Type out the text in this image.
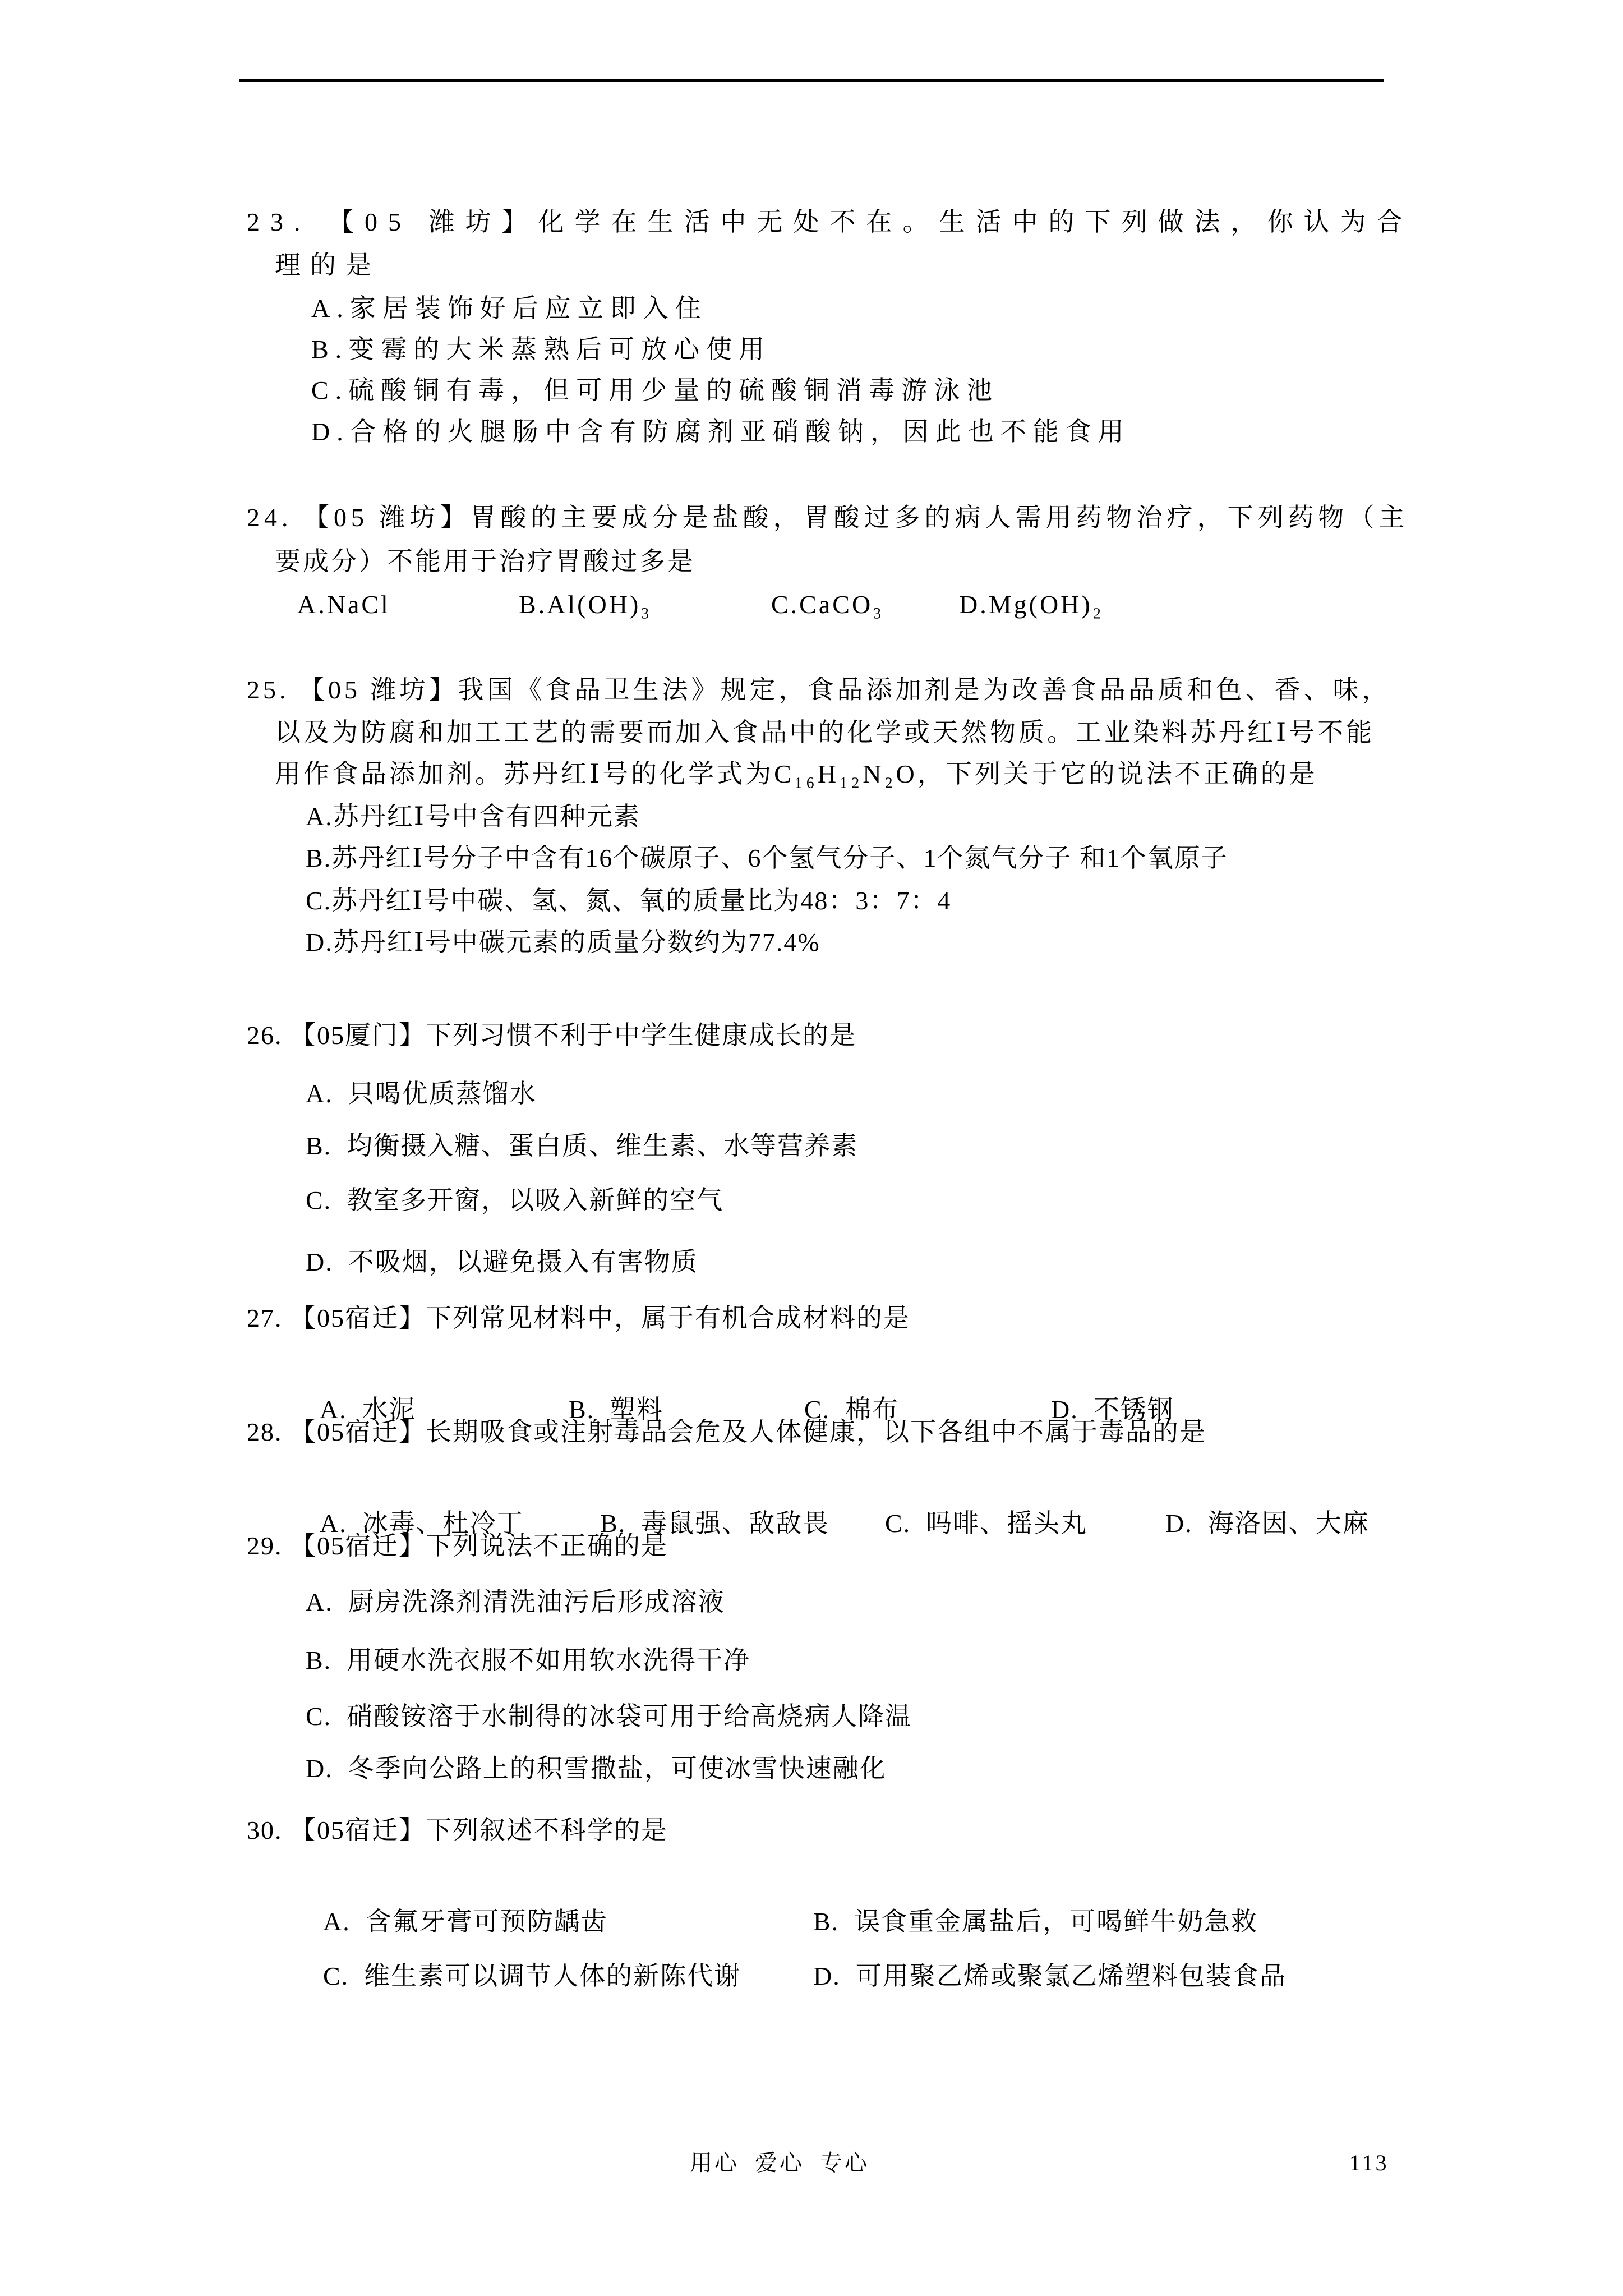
23. 【05 潍坊】化学在生活中无处不在。生活中的下列做法，你认为合
理的是
A.家居装饰好后应立即入住
B.变霉的大米蒸熟后可放心使用
C.硫酸铜有毒，但可用少量的硫酸铜消毒游泳池
D.合格的火腿肠中含有防腐剂亚硝酸钠，因此也不能食用
24. 【05 潍坊】胃酸的主要成分是盐酸，胃酸过多的病人需用药物治疗，下列药物（主
要成分）不能用于治疗胃酸过多是
A.NaCl	B.Al(OH)₃	C.CaCO₃	D.Mg(OH)₂
25. 【05 潍坊】我国《食品卫生法》规定，食品添加剂是为改善食品品质和色、香、味，
以及为防腐和加工工艺的需要而加入食品中的化学或天然物质。工业染料苏丹红Ⅰ号不能
用作食品添加剂。苏丹红Ⅰ号的化学式为C₁₆H₁₂N₂O，下列关于它的说法不正确的是
A.苏丹红Ⅰ号中含有四种元素
B.苏丹红Ⅰ号分子中含有16个碳原子、6个氢气分子、1个氮气分子 和1个氧原子
C.苏丹红Ⅰ号中碳、氢、氮、氧的质量比为48：3：7：4
D.苏丹红Ⅰ号中碳元素的质量分数约为77.4%
26. 【05厦门】下列习惯不利于中学生健康成长的是
A.  只喝优质蒸馏水
B.  均衡摄入糖、蛋白质、维生素、水等营养素
C.  教室多开窗，以吸入新鲜的空气
D.  不吸烟，以避免摄入有害物质
27. 【05宿迁】下列常见材料中，属于有机合成材料的是

A.  水泥	B.  塑料	C.  棉布	D.  不锈钢

28. 【05宿迁】长期吸食或注射毒品会危及人体健康，以下各组中不属于毒品的是

A.  冰毒、杜冷丁	B.  毒鼠强、敌敌畏 C.  吗啡、摇头丸	D.  海洛因、大麻

29. 【05宿迁】下列说法不正确的是
A.  厨房洗涤剂清洗油污后形成溶液
B.  用硬水洗衣服不如用软水洗得干净
C.  硝酸铵溶于水制得的冰袋可用于给高烧病人降温
D.  冬季向公路上的积雪撒盐，可使冰雪快速融化
30. 【05宿迁】下列叙述不科学的是

A.  含氟牙膏可预防龋齿	B.  误食重金属盐后，可喝鲜牛奶急救

C.  维生素可以调节人体的新陈代谢	D.  可用聚乙烯或聚氯乙烯塑料包装食品

用心  爱心  专心	113
